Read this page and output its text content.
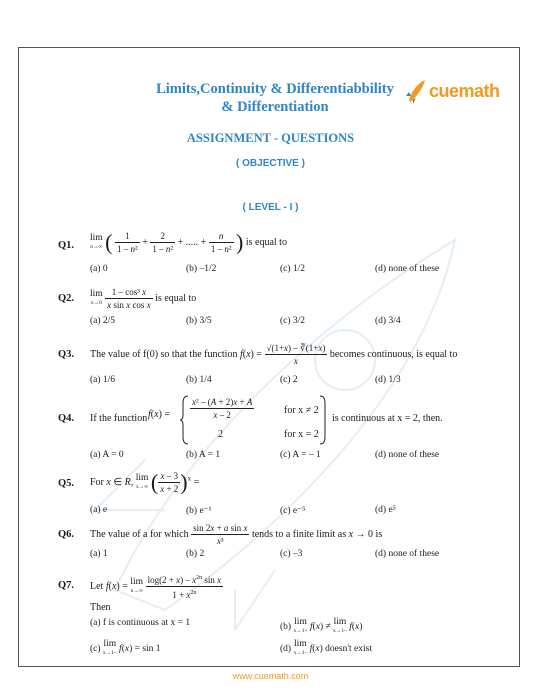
Limits,Continuity & Differentiabbility
& Differentiation
cuemath
ASSIGNMENT - QUESTIONS
( OBJECTIVE )
( LEVEL - I )
Q1.
lim
n→∞ ( $\frac{1}{\text{1 – n²}} + \frac{2}{\text{1 – n²}}$ + ..... + $\frac{n}{\text{1 – n²}}$ ) is equal to
(a) 0	(b) –1/2	(c) 1/2	(d) none of these
Q2. lim
x→0
$\frac{\text{1 – cos³ x}}{\text{x sin x cos x}}$ is equal to
(a) 2/5	(b) 3/5	(c) 3/2	(d) 3/4
Q3. The value of f(0) so that the function $f(x) = \frac{√(1+x) - ∛(1+x)}{x}$ becomes continuous, is equal to
(a) 1/6	(b) 1/4	(c) 2	(d) 1/3
Q4. If the function $f(x) = \frac{\text{x² – (A + 2)x + A}}{x - 2}$
2
for x ≠ 2
for x = 2
is continuous at x = 2, then.
(a) A = 0	(b) A = 1	(c) A = – 1	(d) none of these
Q5. For x ∈ R, lim
x→∞ ( $\frac{x - 3}{x + 2} )^x$ =
(a) e	(b) e⁻¹	(c) e⁻⁵	(d) e⁵
Q6. The value of a for which $\frac{\text{sin 2x + a sin x}}{\text{x³}}$ tends to a finite limit as x → 0 is
(a) 1	(b) 2	(c) –3	(d) none of these
Q7. Let f(x) = lim
n→∞
$\frac{\log(2 + x) - x^{2n} \sin x}{1 + x^{2n}}$
Then
(a) f is continuous at x = 1	(b) lim
x→1+ f(x) ≠ lim
x→1– f(x)
(c) lim
x→1– f(x) = sin 1	(d) lim
x→1– f(x) doesn't exist
www.cuemath.com
